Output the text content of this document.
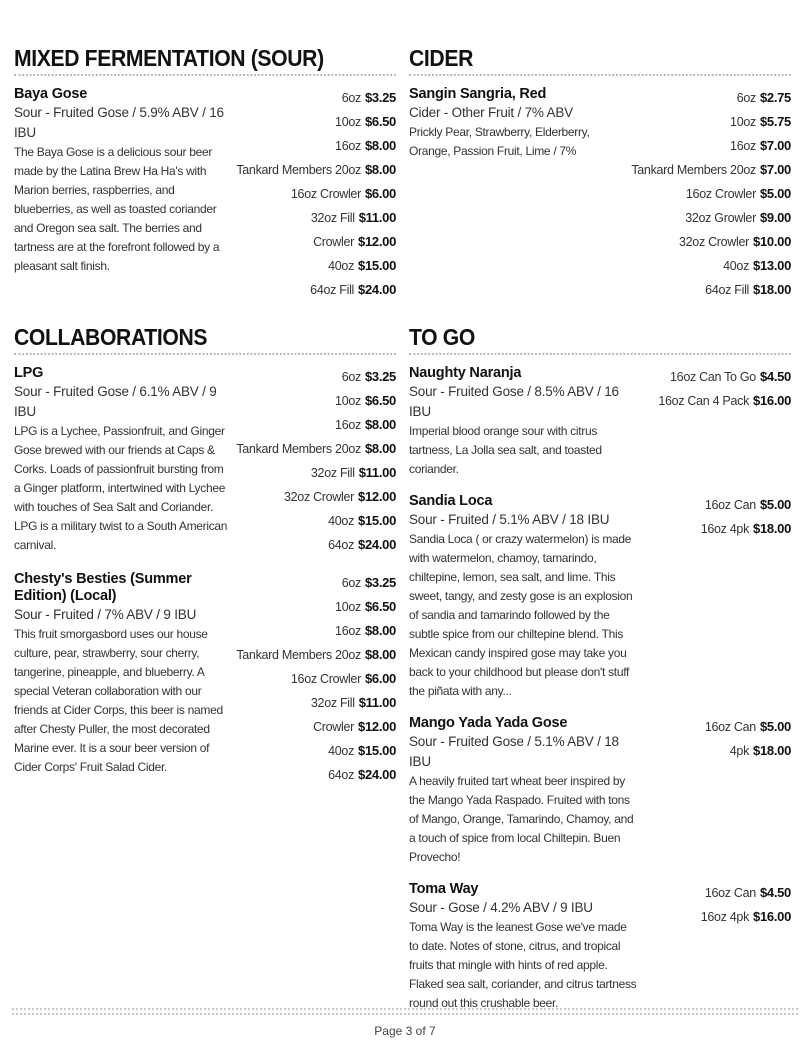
MIXED FERMENTATION (SOUR)
Baya Gose
Sour - Fruited Gose / 5.9% ABV / 16 IBU
The Baya Gose is a delicious sour beer made by the Latina Brew Ha Ha's with Marion berries, raspberries, and blueberries, as well as toasted coriander and Oregon sea salt. The berries and tartness are at the forefront followed by a pleasant salt finish.
6oz $3.25
10oz $6.50
16oz $8.00
Tankard Members 20oz $8.00
16oz Crowler $6.00
32oz Fill $11.00
Crowler $12.00
40oz $15.00
64oz Fill $24.00
CIDER
Sangin Sangria, Red
Cider - Other Fruit / 7% ABV
Prickly Pear, Strawberry, Elderberry, Orange, Passion Fruit, Lime / 7%
6oz $2.75
10oz $5.75
16oz $7.00
Tankard Members 20oz $7.00
16oz Crowler $5.00
32oz Growler $9.00
32oz Crowler $10.00
40oz $13.00
64oz Fill $18.00
COLLABORATIONS
LPG
Sour - Fruited Gose / 6.1% ABV / 9 IBU
LPG is a Lychee, Passionfruit, and Ginger Gose brewed with our friends at Caps & Corks. Loads of passionfruit bursting from a Ginger platform, intertwined with Lychee with touches of Sea Salt and Coriander. LPG is a military twist to a South American carnival.
6oz $3.25
10oz $6.50
16oz $8.00
Tankard Members 20oz $8.00
32oz Fill $11.00
32oz Crowler $12.00
40oz $15.00
64oz $24.00
Chesty's Besties (Summer Edition) (Local)
Sour - Fruited / 7% ABV / 9 IBU
This fruit smorgasbord uses our house culture, pear, strawberry, sour cherry, tangerine, pineapple, and blueberry. A special Veteran collaboration with our friends at Cider Corps, this beer is named after Chesty Puller, the most decorated Marine ever. It is a sour beer version of Cider Corps' Fruit Salad Cider.
6oz $3.25
10oz $6.50
16oz $8.00
Tankard Members 20oz $8.00
16oz Crowler $6.00
32oz Fill $11.00
Crowler $12.00
40oz $15.00
64oz $24.00
TO GO
Naughty Naranja
Sour - Fruited Gose / 8.5% ABV / 16 IBU
Imperial blood orange sour with citrus tartness, La Jolla sea salt, and toasted coriander.
16oz Can To Go $4.50
16oz Can 4 Pack $16.00
Sandia Loca
Sour - Fruited / 5.1% ABV / 18 IBU
Sandia Loca ( or crazy watermelon) is made with watermelon, chamoy, tamarindo, chiltepine, lemon, sea salt, and lime. This sweet, tangy, and zesty gose is an explosion of sandia and tamarindo followed by the subtle spice from our chiltepine blend. This Mexican candy inspired gose may take you back to your childhood but please don't stuff the piñata with any...
16oz Can $5.00
16oz 4pk $18.00
Mango Yada Yada Gose
Sour - Fruited Gose / 5.1% ABV / 18 IBU
A heavily fruited tart wheat beer inspired by the Mango Yada Raspado. Fruited with tons of Mango, Orange, Tamarindo, Chamoy, and a touch of spice from local Chiltepin. Buen Provecho!
16oz Can $5.00
4pk $18.00
Toma Way
Sour - Gose / 4.2% ABV / 9 IBU
Toma Way is the leanest Gose we've made to date. Notes of stone, citrus, and tropical fruits that mingle with hints of red apple. Flaked sea salt, coriander, and citrus tartness round out this crushable beer.
16oz Can $4.50
16oz 4pk $16.00
Page 3 of 7
